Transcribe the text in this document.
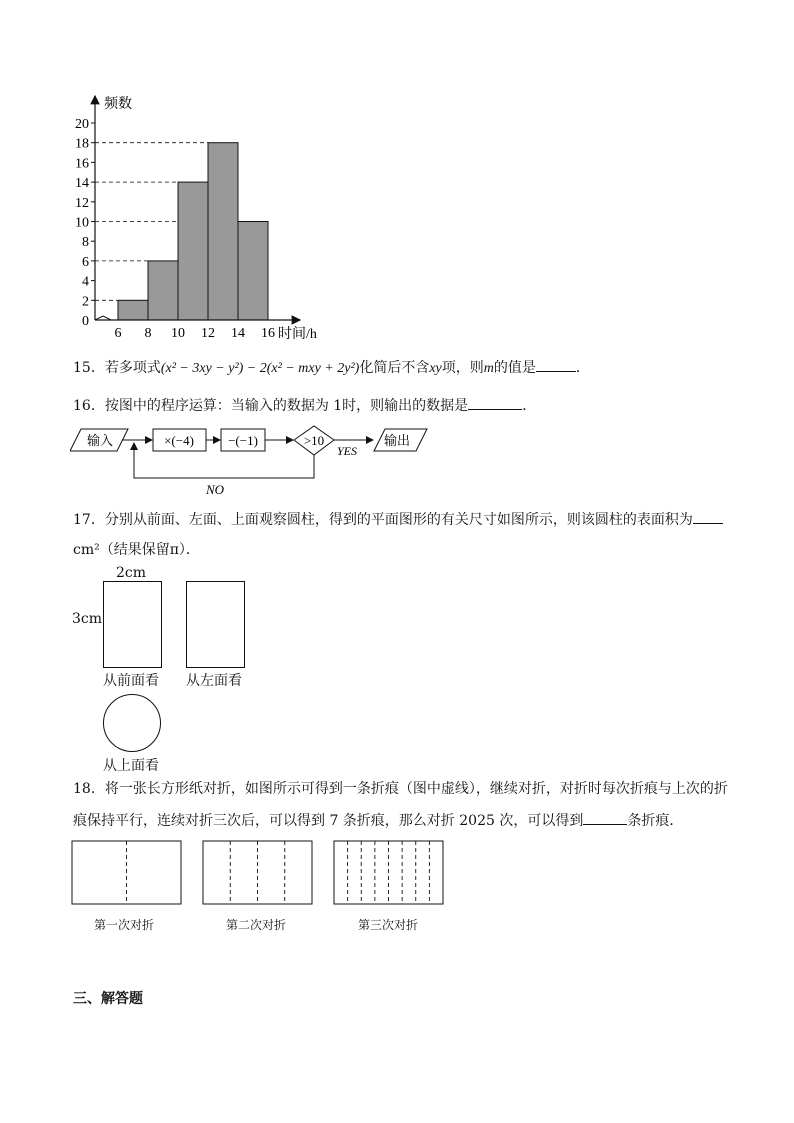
0
2
4
6
8
10
12
14
16
18
20
6 8 10 12 14 16
频数
时间/h
15．若多项式(x² − 3xy − y²) − 2(x² − mxy + 2y²)化简后不含xy项，则m的值是	．
16．按图中的程序运算：当输入的数据为 1时，则输出的数据是	．
输入	×(−4)	−(−1)	>10
YES
输出
NO
17．分别从前面、左面、上面观察圆柱，得到的平面图形的有关尺寸如图所示，则该圆柱的表面积为
cm²（结果保留π）．
2cm
3cm
从前面看 从左面看
从上面看
18．将一张长方形纸对折，如图所示可得到一条折痕（图中虚线），继续对折，对折时每次折痕与上次的折
痕保持平行，连续对折三次后，可以得到 7 条折痕，那么对折 2025 次，可以得到	条折痕．
第一次对折	第二次对折	第三次对折
三、解答题
